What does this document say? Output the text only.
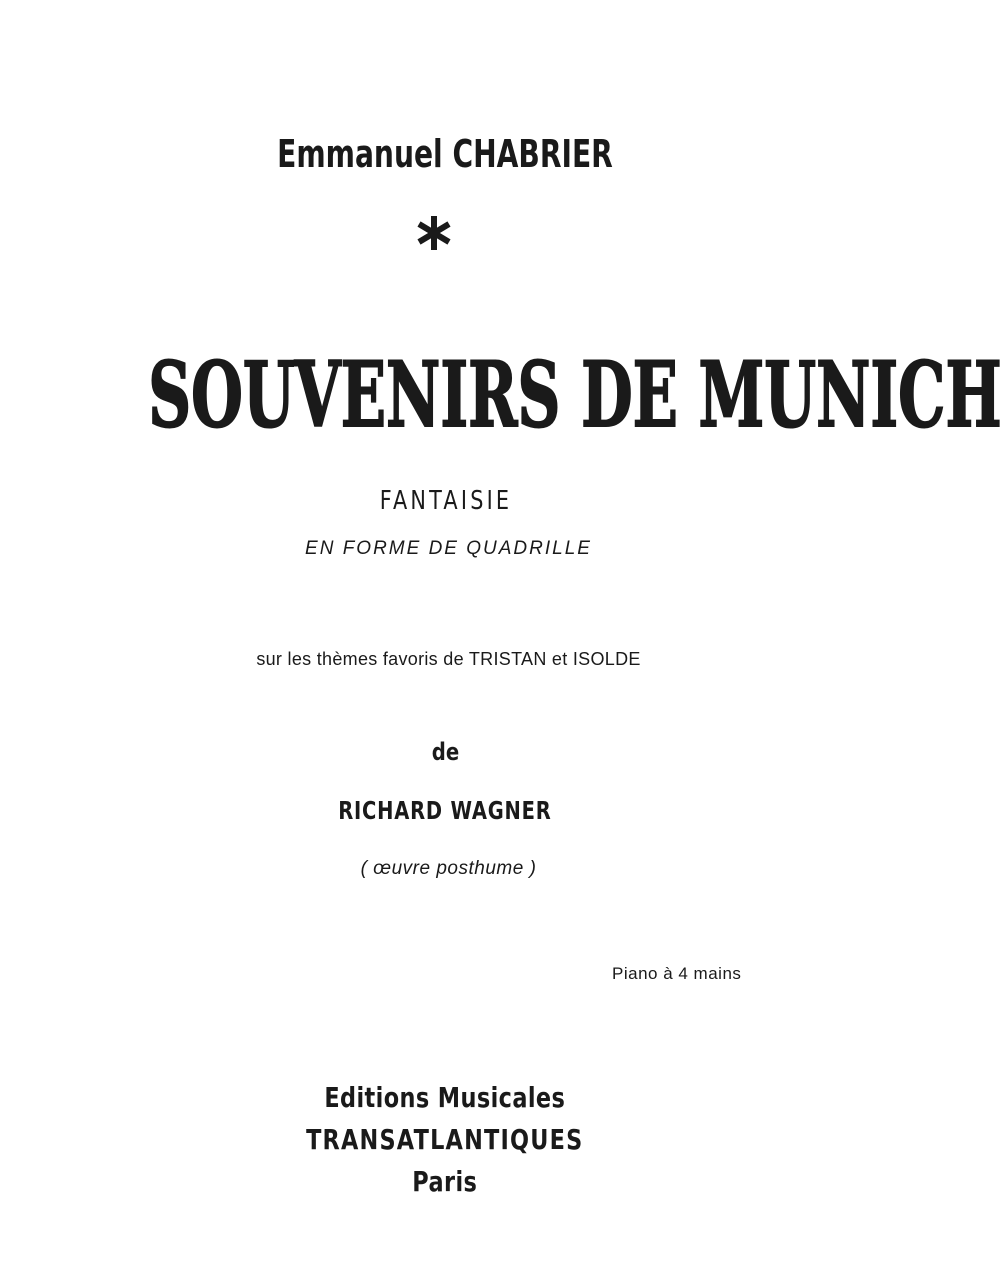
Emmanuel CHABRIER

SOUVENIRS DE MUNICH

FANTAISIE

EN FORME DE QUADRILLE

sur les thèmes favoris de TRISTAN et ISOLDE

de

RICHARD WAGNER

( œuvre posthume )

Piano à 4 mains

Editions Musicales

TRANSATLANTIQUES

Paris
